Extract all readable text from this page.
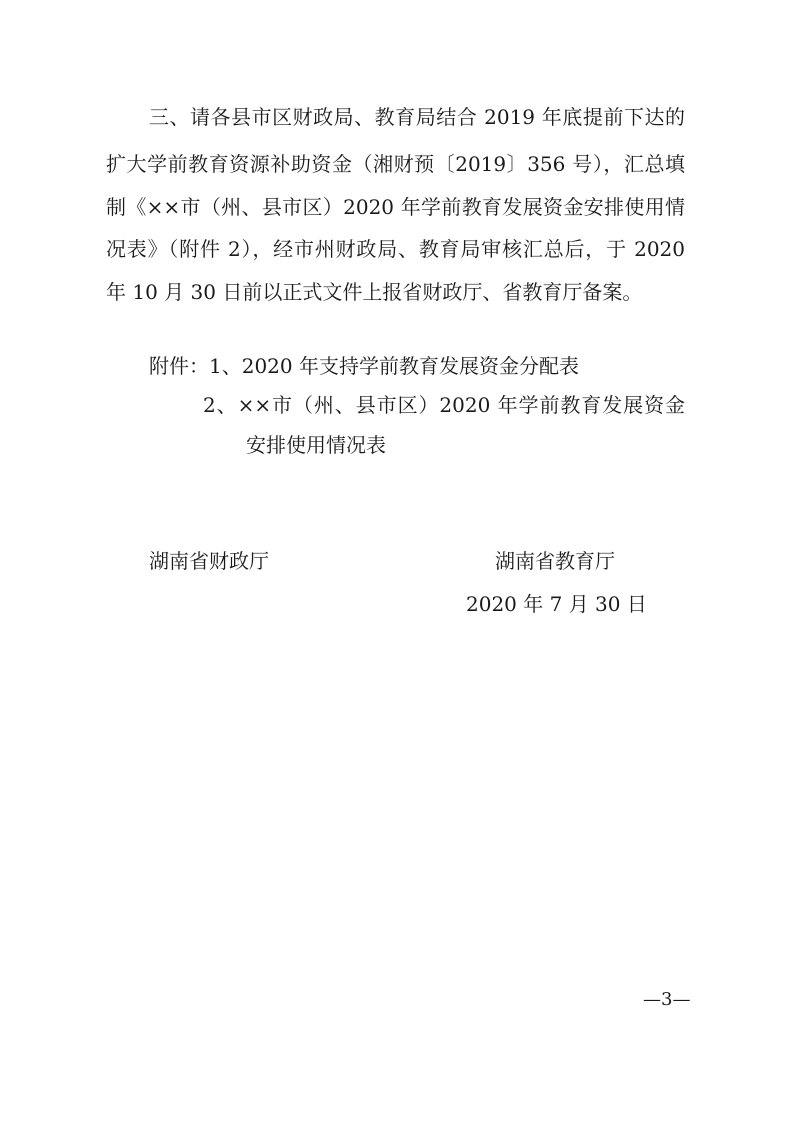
三、请各县市区财政局、教育局结合 2019 年底提前下达的
扩大学前教育资源补助资金（湘财预〔2019〕356 号），汇总填
制《××市（州、县市区）2020 年学前教育发展资金安排使用情
况表》（附件 2），经市州财政局、教育局审核汇总后，于 2020
年 10 月 30 日前以正式文件上报省财政厅、省教育厅备案。
附件：1、2020 年支持学前教育发展资金分配表
2、××市（州、县市区）2020 年学前教育发展资金
安排使用情况表
湖南省财政厅	湖南省教育厅
2020 年 7 月 30 日
—3—
